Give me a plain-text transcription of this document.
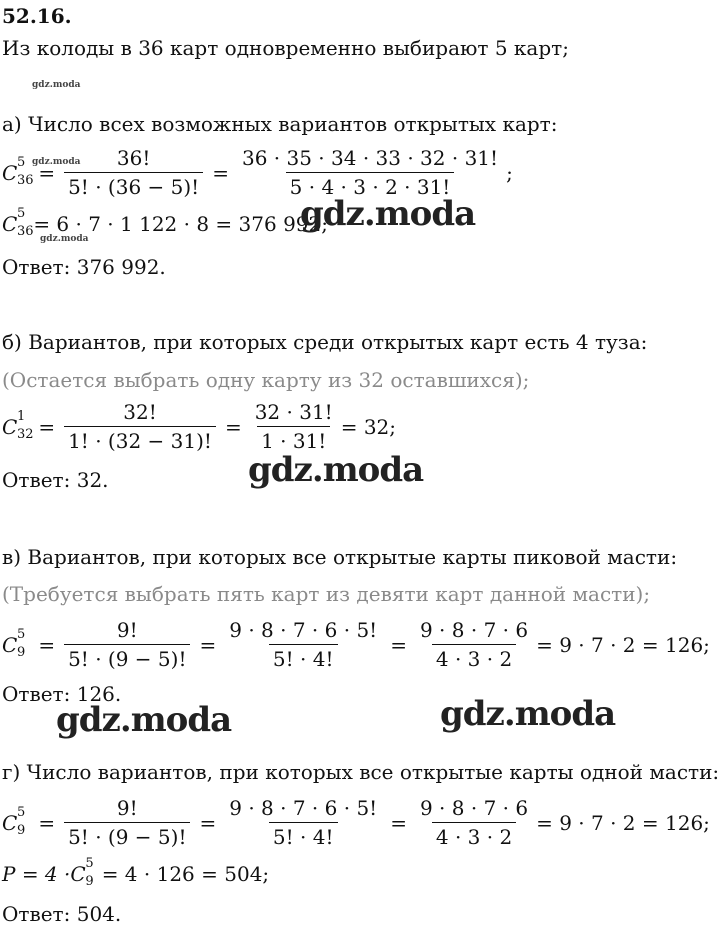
52.16.
Из колоды в 36 карт одновременно выбирают 5 карт;
gdz.moda
а) Число всех возможных вариантов открытых карт:
C 5
$36 = \frac{36!}{5! \cdot (36 - 5)!} = \frac{36 \cdot 35 \cdot 34 \cdot 33 \cdot 32 \cdot 31!}{5 \cdot 4 \cdot 3 \cdot 2 \cdot 31!}$ ;
gdz.moda
C 5
36 = 6 · 7 · 1 122 · 8 = 376 992;
gdz.moda
gdz.moda
Ответ: 376 992.
б) Вариантов, при которых среди открытых карт есть 4 туза:
(Остается выбрать одну карту из 32 оставшихся);
C 1
$32 = \frac{32!}{1! \cdot (32 - 31)!} = \frac{32 \cdot 31!}{1 \cdot 31!} = 32$;
Ответ: 32.	gdz.moda
в) Вариантов, при которых все открытые карты пиковой масти:
(Требуется выбрать пять карт из девяти карт данной масти);
C 5
$9 = \frac{9!}{5! \cdot (9 - 5)!} = \frac{9 \cdot 8 \cdot 7 \cdot 6 \cdot 5!}{5! \cdot 4!} = \frac{9 \cdot 8 \cdot 7 \cdot 6}{4 \cdot 3 \cdot 2} = 9 \cdot 7 \cdot 2 = 126$;
Ответ: 126.
gdz.moda	gdz.moda
г) Число вариантов, при которых все открытые карты одной масти:
C 5
$9 = \frac{9!}{5! \cdot (9 - 5)!} = \frac{9 \cdot 8 \cdot 7 \cdot 6 \cdot 5!}{5! \cdot 4!} = \frac{9 \cdot 8 \cdot 7 \cdot 6}{4 \cdot 3 \cdot 2} = 9 \cdot 7 \cdot 2 = 126$;
P = 4 · C 5
9 = 4 · 126 = 504;
Ответ: 504.
